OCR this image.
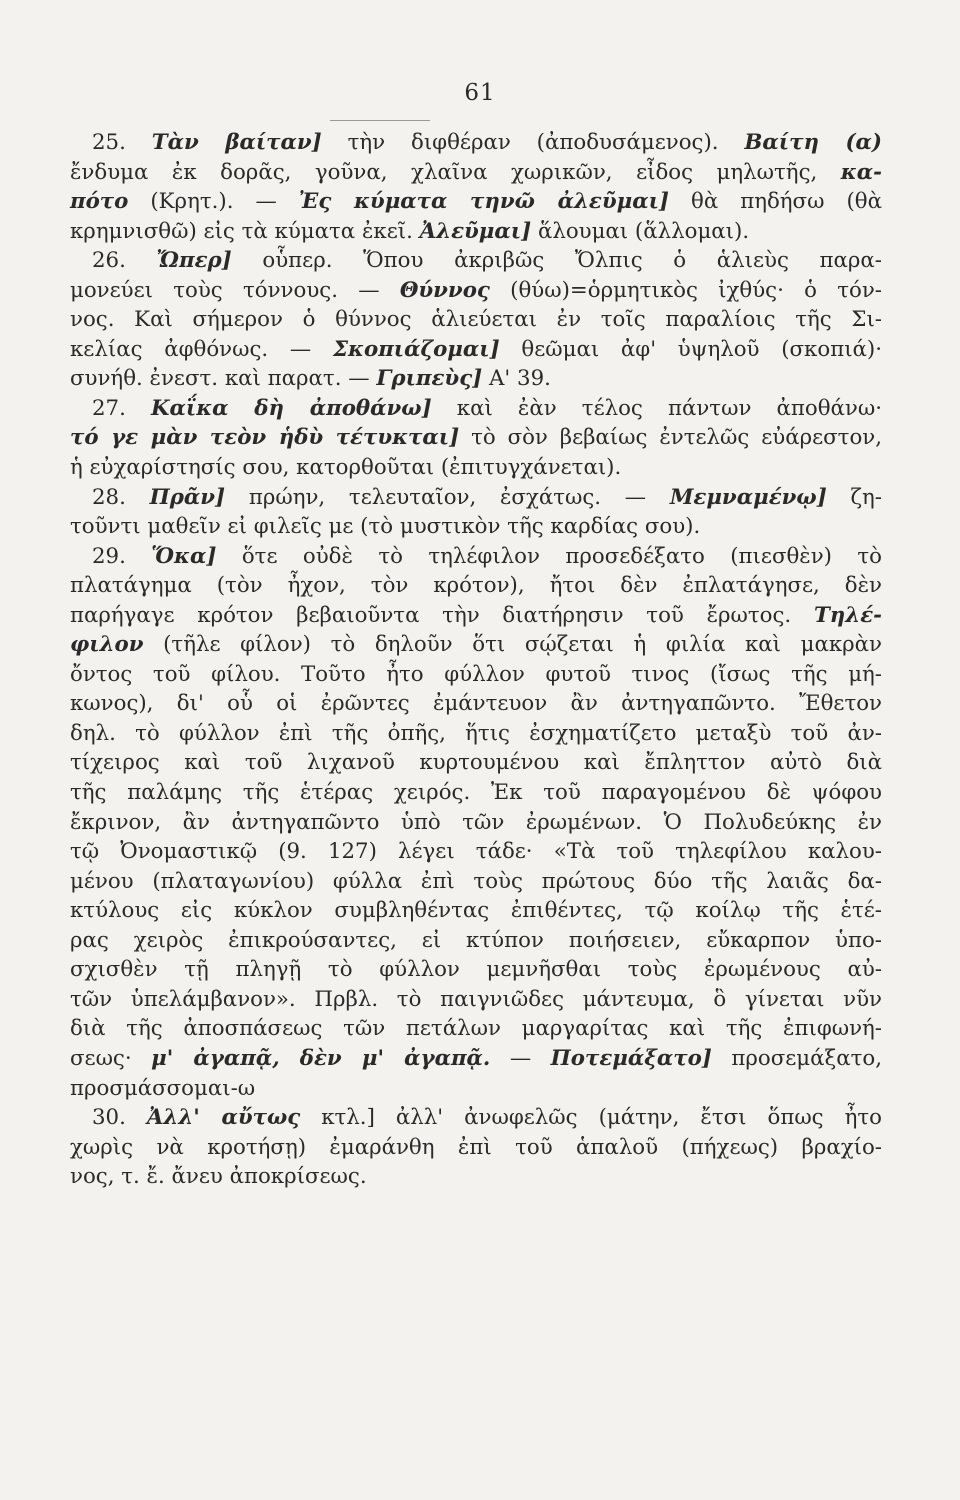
61
25. Τὰν βαίταν] τὴν διφθέραν (ἀποδυσάμενος). Βαίτη (α)
ἔνδυμα ἐκ δορᾶς, γοῦνα, χλαῖνα χωρικῶν, εἶδος μηλωτῆς, κα-
πότο (Κρητ.). — Ἐς κύματα τηνῶ ἀλεῦμαι] θὰ πηδήσω (θὰ
κρημνισθῶ) εἰς τὰ κύματα ἐκεῖ. Ἀλεῦμαι] ἅλουμαι (ἅλλομαι).
26. Ὤπερ] οὗπερ. Ὅπου ἀκριβῶς Ὄλπις ὁ ἁλιεὺς παρα-
μονεύει τοὺς τόννους. — Θύννος (θύω)=ὁρμητικὸς ἰχθύς· ὁ τόν-
νος. Καὶ σήμερον ὁ θύννος ἁλιεύεται ἐν τοῖς παραλίοις τῆς Σι-
κελίας ἀφθόνως. — Σκοπιάζομαι] θεῶμαι ἀφ' ὑψηλοῦ (σκοπιά)·
συνήθ. ἐνεστ. καὶ παρατ. — Γριπεὺς] Α' 39.
27. Καΐκα δὴ ἀποθάνω] καὶ ἐὰν τέλος πάντων ἀποθάνω·
τό γε μὰν τεὸν ἡδὺ τέτυκται] τὸ σὸν βεβαίως ἐντελῶς εὐάρεστον,
ἡ εὐχαρίστησίς σου, κατορθοῦται (ἐπιτυγχάνεται).
28. Πρᾶν] πρώην, τελευταῖον, ἐσχάτως. — Μεμναμένῳ] ζη-
τοῦντι μαθεῖν εἰ φιλεῖς με (τὸ μυστικὸν τῆς καρδίας σου).
29. Ὅκα] ὅτε οὐδὲ τὸ τηλέφιλον προσεδέξατο (πιεσθὲν) τὸ
πλατάγημα (τὸν ἦχον, τὸν κρότον), ἤτοι δὲν ἐπλατάγησε, δὲν
παρήγαγε κρότον βεβαιοῦντα τὴν διατήρησιν τοῦ ἔρωτος. Τηλέ-
φιλον (τῆλε φίλον) τὸ δηλοῦν ὅτι σῴζεται ἡ φιλία καὶ μακρὰν
ὄντος τοῦ φίλου. Τοῦτο ἦτο φύλλον φυτοῦ τινος (ἴσως τῆς μή-
κωνος), δι' οὗ οἱ ἐρῶντες ἐμάντευον ἂν ἀντηγαπῶντο. Ἔθετον
δηλ. τὸ φύλλον ἐπὶ τῆς ὀπῆς, ἥτις ἐσχηματίζετο μεταξὺ τοῦ ἀν-
τίχειρος καὶ τοῦ λιχανοῦ κυρτουμένου καὶ ἔπληττον αὐτὸ διὰ
τῆς παλάμης τῆς ἑτέρας χειρός. Ἐκ τοῦ παραγομένου δὲ ψόφου
ἔκρινον, ἂν ἀντηγαπῶντο ὑπὸ τῶν ἐρωμένων. Ὁ Πολυδεύκης ἐν
τῷ Ὀνομαστικῷ (9. 127) λέγει τάδε· «Τὰ τοῦ τηλεφίλου καλου-
μένου (πλαταγωνίου) φύλλα ἐπὶ τοὺς πρώτους δύο τῆς λαιᾶς δα-
κτύλους εἰς κύκλον συμβληθέντας ἐπιθέντες, τῷ κοίλῳ τῆς ἑτέ-
ρας χειρὸς ἐπικρούσαντες, εἰ κτύπον ποιήσειεν, εὔκαρπον ὑπο-
σχισθὲν τῇ πληγῇ τὸ φύλλον μεμνῆσθαι τοὺς ἐρωμένους αὐ-
τῶν ὑπελάμβανον». Πρβλ. τὸ παιγνιῶδες μάντευμα, ὃ γίνεται νῦν
διὰ τῆς ἀποσπάσεως τῶν πετάλων μαργαρίτας καὶ τῆς ἐπιφωνή-
σεως· μ' ἀγαπᾷ, δὲν μ' ἀγαπᾷ. — Ποτεμάξατο] προσεμάξατο,
προσμάσσομαι-ω
30. Ἀλλ' αὔτως κτλ.] ἀλλ' ἀνωφελῶς (μάτην, ἔτσι ὅπως ἦτο
χωρὶς νὰ κροτήσῃ) ἐμαράνθη ἐπὶ τοῦ ἁπαλοῦ (πήχεως) βραχίο-
νος, τ. ἔ. ἄνευ ἀποκρίσεως.
